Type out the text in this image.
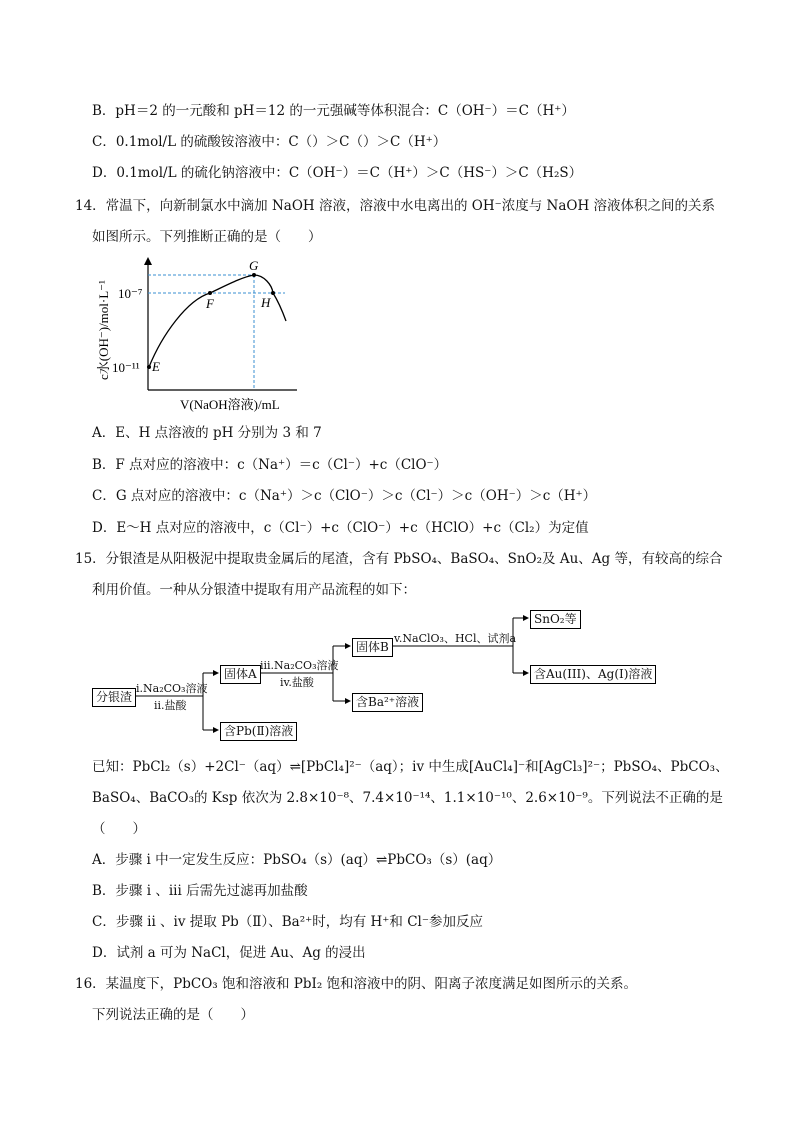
B．pH＝2 的一元酸和 pH＝12 的一元强碱等体积混合：C（OH⁻）＝C（H⁺）
C．0.1mol/L 的硫酸铵溶液中：C（）＞C（）＞C（H⁺）
D．0.1mol/L 的硫化钠溶液中：C（OH⁻）＝C（H⁺）＞C（HS⁻）＞C（H₂S）
14．常温下，向新制氯水中滴加 NaOH 溶液，溶液中水电离出的 OH⁻浓度与 NaOH 溶液体积之间的关系
如图所示。下列推断正确的是（　　）
E
F
G
H
10⁻⁷
10⁻¹¹
c水(OH⁻)/mol·L⁻¹
V(NaOH溶液)/mL
A．E、H 点溶液的 pH 分别为 3 和 7
B．F 点对应的溶液中：c（Na⁺）＝c（Cl⁻）+c（ClO⁻）
C．G 点对应的溶液中：c（Na⁺）＞c（ClO⁻）＞c（Cl⁻）＞c（OH⁻）＞c（H⁺）
D．E～H 点对应的溶液中，c（Cl⁻）+c（ClO⁻）+c（HClO）+c（Cl₂）为定值
15．分银渣是从阳极泥中提取贵金属后的尾渣，含有 PbSO₄、BaSO₄、SnO₂及 Au、Ag 等，有较高的综合
利用价值。一种从分银渣中提取有用产品流程的如下：
分银渣
i.Na₂CO₃溶液
ii.盐酸
固体A
含Pb(Ⅱ)溶液
iii.Na₂CO₃溶液
iv.盐酸
固体B
含Ba²⁺溶液
v.NaClO₃、HCl、试剂a
SnO₂等
含Au(III)、Ag(I)溶液
已知：PbCl₂（s）+2Cl⁻（aq）⇌[PbCl₄]²⁻（aq）；iv 中生成[AuCl₄]⁻和[AgCl₃]²⁻；PbSO₄、PbCO₃、
BaSO₄、BaCO₃的 Ksp 依次为 2.8×10⁻⁸、7.4×10⁻¹⁴、1.1×10⁻¹⁰、2.6×10⁻⁹。下列说法不正确的是
（　　）
A．步骤 i 中一定发生反应：PbSO₄（s）(aq）⇌PbCO₃（s）(aq）
B．步骤 i 、iii 后需先过滤再加盐酸
C．步骤 ii 、iv 提取 Pb（Ⅱ）、Ba²⁺时，均有 H⁺和 Cl⁻参加反应
D．试剂 a 可为 NaCl，促进 Au、Ag 的浸出
16．某温度下，PbCO₃ 饱和溶液和 PbI₂ 饱和溶液中的阴、阳离子浓度满足如图所示的关系。
下列说法正确的是（　　）
